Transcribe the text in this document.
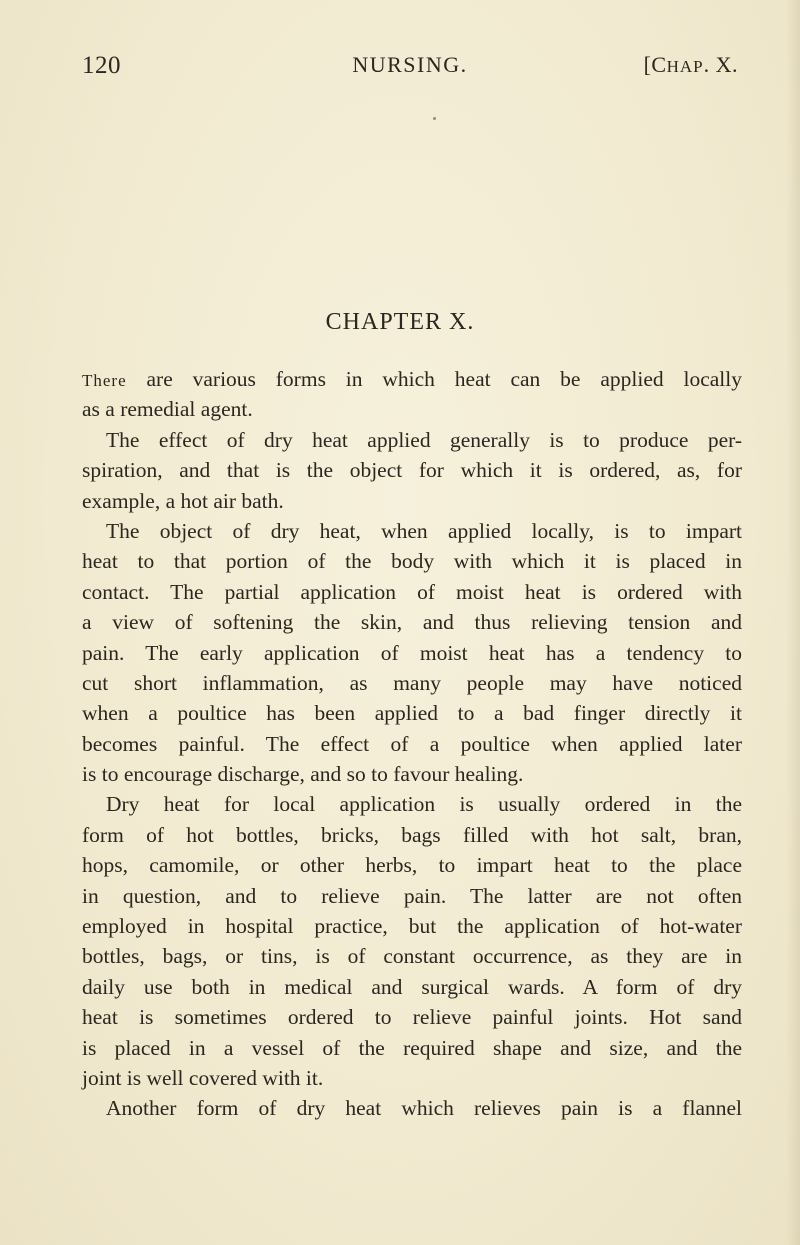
120	NURSING.	[CHAP. X.
CHAPTER X.
There are various forms in which heat can be applied locally
as a remedial agent.
The effect of dry heat applied generally is to produce per-
spiration, and that is the object for which it is ordered, as, for
example, a hot air bath.
The object of dry heat, when applied locally, is to impart
heat to that portion of the body with which it is placed in
contact. The partial application of moist heat is ordered with
a view of softening the skin, and thus relieving tension and
pain. The early application of moist heat has a tendency to
cut short inflammation, as many people may have noticed
when a poultice has been applied to a bad finger directly it
becomes painful. The effect of a poultice when applied later
is to encourage discharge, and so to favour healing.
Dry heat for local application is usually ordered in the
form of hot bottles, bricks, bags filled with hot salt, bran,
hops, camomile, or other herbs, to impart heat to the place
in question, and to relieve pain. The latter are not often
employed in hospital practice, but the application of hot-water
bottles, bags, or tins, is of constant occurrence, as they are in
daily use both in medical and surgical wards. A form of dry
heat is sometimes ordered to relieve painful joints. Hot sand
is placed in a vessel of the required shape and size, and the
joint is well covered with it.
Another form of dry heat which relieves pain is a flannel
